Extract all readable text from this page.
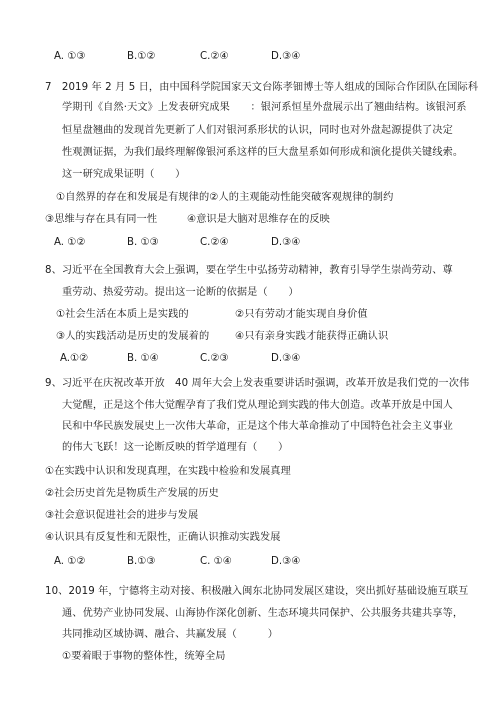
A. ①③	B.①②	C.②④	D.③④
7　2019 年 2 月 5 日，由中国科学院国家天文台陈孝钿博士等人组成的国际合作团队在国际科
学期刊《自然·天文》上发表研究成果　　：银河系恒星外盘展示出了翘曲结构。该银河系
恒星盘翘曲的发现首先更新了人们对银河系形状的认识，同时也对外盘起源提供了决定
性观测证据，为我们最终理解像银河系这样的巨大盘星系如何形成和演化提供关键线索。
这一研究成果证明（　　）
①自然界的存在和发展是有规律的②人的主观能动性能突破客观规律的制约
③思维与存在具有同一性	④意识是大脑对思维存在的反映
A. ①②	B. ①③	C.②④	D.③④
8、习近平在全国教育大会上强调，要在学生中弘扬劳动精神，教育引导学生崇尚劳动、尊
重劳动、热爱劳动。提出这一论断的依据是（　　）
①社会生活在本质上是实践的	②只有劳动才能实现自身价值
③人的实践活动是历史的发展着的	④只有亲身实践才能获得正确认识
A.①②	B. ①④	C.②③	D.③④
9、习近平在庆祝改革开放　40 周年大会上发表重要讲话时强调，改革开放是我们党的一次伟
大觉醒，正是这个伟大觉醒孕育了我们党从理论到实践的伟大创造。改革开放是中国人
民和中华民族发展史上一次伟大革命，正是这个伟大革命推动了中国特色社会主义事业
的伟大飞跃！这一论断反映的哲学道理有（　　）
①在实践中认识和发现真理，在实践中检验和发展真理
②社会历史首先是物质生产发展的历史
③社会意识促进社会的进步与发展
④认识具有反复性和无限性，正确认识推动实践发展
A. ①②	B.①③	C. ①④	D.③④
10、2019 年，宁德将主动对接、积极融入闽东北协同发展区建设，突出抓好基础设施互联互
通、优势产业协同发展、山海协作深化创新、生态环境共同保护、公共服务共建共享等，
共同推动区域协调、融合、共赢发展（　　　）
①要着眼于事物的整体性，统筹全局
